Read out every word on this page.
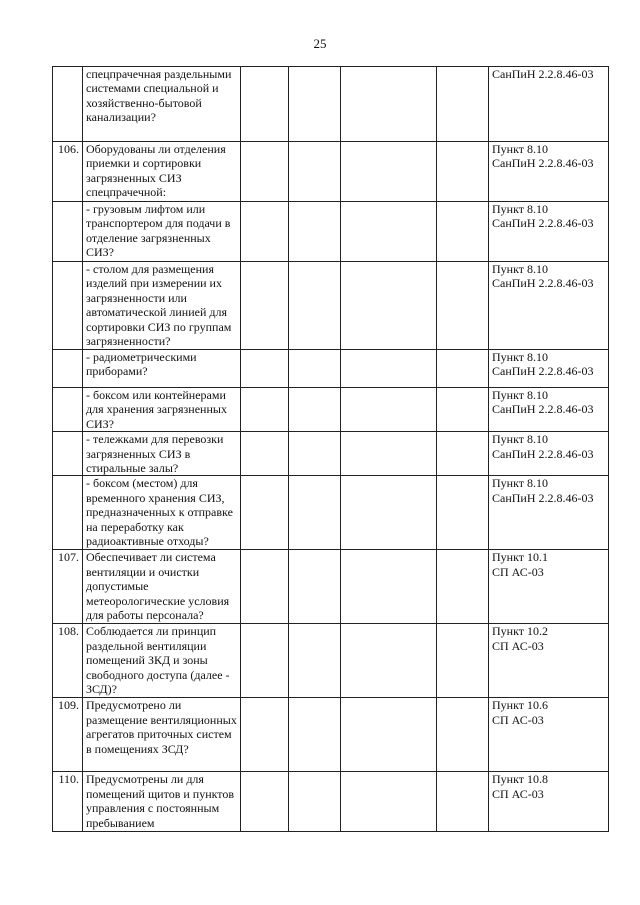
25
	спецпрачечная раздельными системами специальной и хозяйственно-бытовой канализации?					СанПиН 2.2.8.46-03

106.	Оборудованы ли отделения приемки и сортировки загрязненных СИЗ спецпрачечной:					Пункт 8.10
СанПиН 2.2.8.46-03

	- грузовым лифтом или транспортером для подачи в отделение загрязненных СИЗ?					Пункт 8.10
СанПиН 2.2.8.46-03

	- столом для размещения изделий при измерении их загрязненности или автоматической линией для сортировки СИЗ по группам загрязненности?					Пункт 8.10
СанПиН 2.2.8.46-03

	- радиометрическими приборами?					Пункт 8.10
СанПиН 2.2.8.46-03

	- боксом или контейнерами для хранения загрязненных СИЗ?					Пункт 8.10
СанПиН 2.2.8.46-03

	- тележками для перевозки загрязненных СИЗ в стиральные залы?					Пункт 8.10
СанПиН 2.2.8.46-03

	- боксом (местом) для временного хранения СИЗ, предназначенных к отправке на переработку как радиоактивные отходы?					Пункт 8.10
СанПиН 2.2.8.46-03

107.	Обеспечивает ли система вентиляции и очистки допустимые метеорологические условия для работы персонала?					Пункт 10.1
СП АС-03

108.	Соблюдается ли принцип раздельной вентиляции помещений ЗКД и зоны свободного доступа (далее - ЗСД)?					Пункт 10.2
СП АС-03

109.	Предусмотрено ли размещение вентиляционных агрегатов приточных систем в помещениях ЗСД?					Пункт 10.6
СП АС-03

110.	Предусмотрены ли для помещений щитов и пунктов управления с постоянным пребыванием					Пункт 10.8
СП АС-03
